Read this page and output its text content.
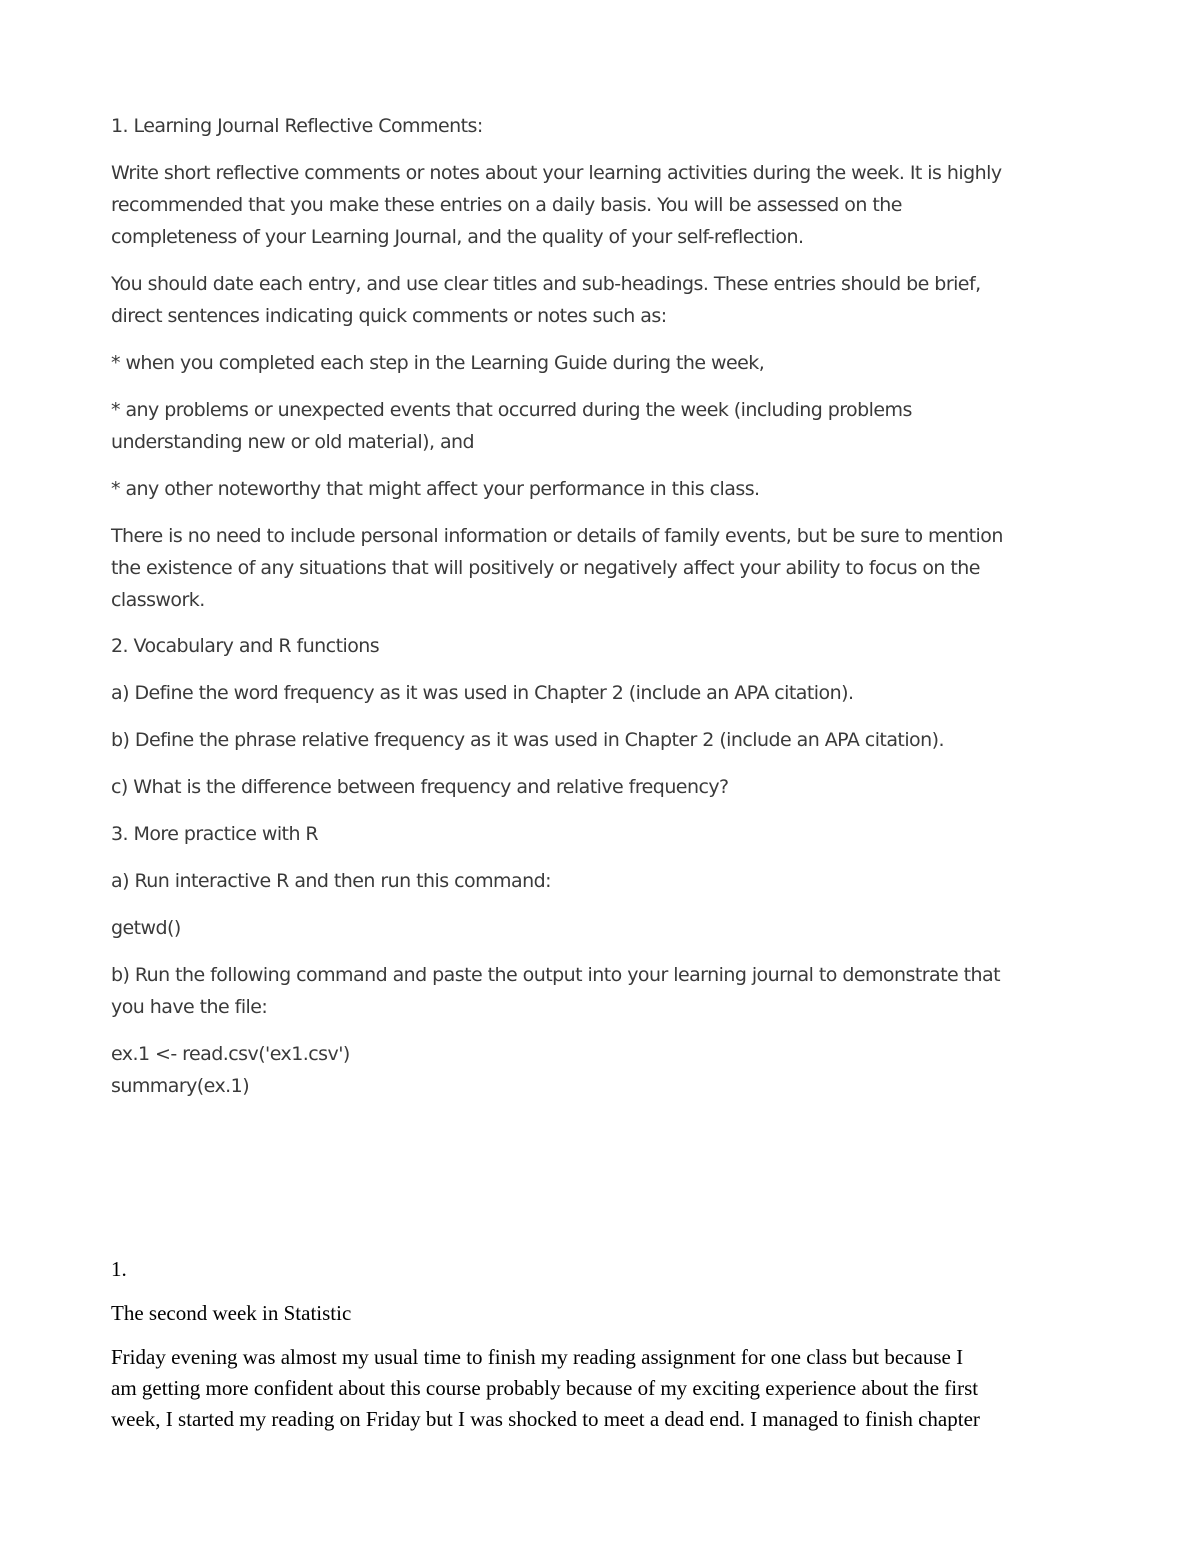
1. Learning Journal Reflective Comments:
Write short reflective comments or notes about your learning activities during the week. It is highly
recommended that you make these entries on a daily basis. You will be assessed on the
completeness of your Learning Journal, and the quality of your self-reflection.
You should date each entry, and use clear titles and sub-headings. These entries should be brief,
direct sentences indicating quick comments or notes such as:
* when you completed each step in the Learning Guide during the week,
* any problems or unexpected events that occurred during the week (including problems
understanding new or old material), and
* any other noteworthy that might affect your performance in this class.
There is no need to include personal information or details of family events, but be sure to mention
the existence of any situations that will positively or negatively affect your ability to focus on the
classwork.
2. Vocabulary and R functions
a) Define the word frequency as it was used in Chapter 2 (include an APA citation).
b) Define the phrase relative frequency as it was used in Chapter 2 (include an APA citation).
c) What is the difference between frequency and relative frequency?
3. More practice with R
a) Run interactive R and then run this command:
getwd()
b) Run the following command and paste the output into your learning journal to demonstrate that
you have the file:
ex.1 <- read.csv('ex1.csv')
summary(ex.1)
1.
The second week in Statistic
Friday evening was almost my usual time to finish my reading assignment for one class but because I
am getting more confident about this course probably because of my exciting experience about the first
week, I started my reading on Friday but I was shocked to meet a dead end. I managed to finish chapter
